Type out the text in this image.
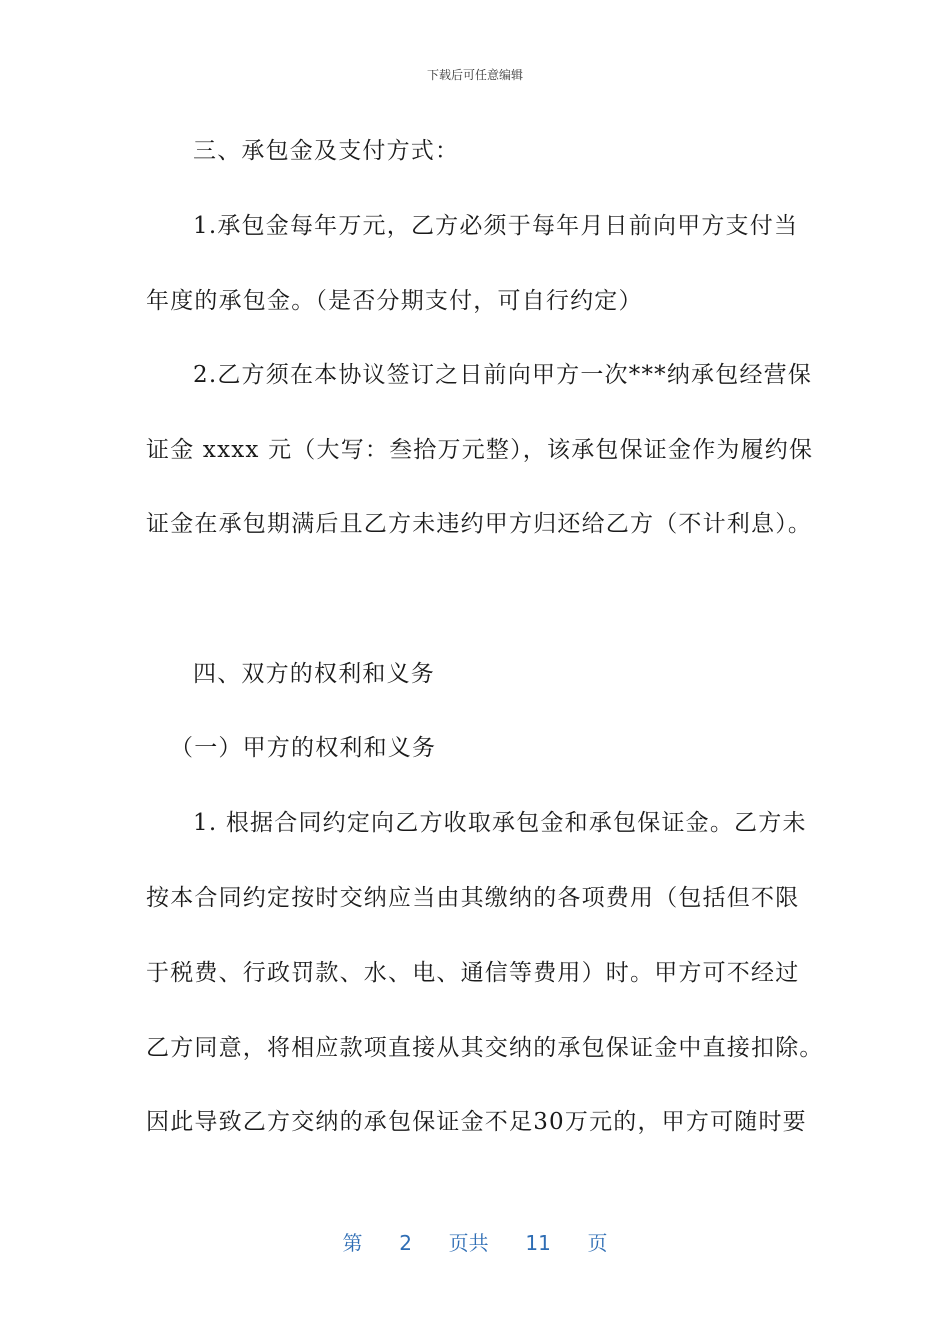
下载后可任意编辑
三、承包金及支付方式：
1.承包金每年万元，乙方必须于每年月日前向甲方支付当
年度的承包金。（是否分期支付，可自行约定）
2.乙方须在本协议签订之日前向甲方一次***纳承包经营保
证金 xxxx 元（大写：叁拾万元整），该承包保证金作为履约保
证金在承包期满后且乙方未违约甲方归还给乙方（不计利息）。
四、双方的权利和义务
（一）甲方的权利和义务
1. 根据合同约定向乙方收取承包金和承包保证金。乙方未
按本合同约定按时交纳应当由其缴纳的各项费用（包括但不限
于税费、行政罚款、水、电、通信等费用）时。甲方可不经过
乙方同意，将相应款项直接从其交纳的承包保证金中直接扣除。
因此导致乙方交纳的承包保证金不足30万元的，甲方可随时要
第 2 页共 11 页
